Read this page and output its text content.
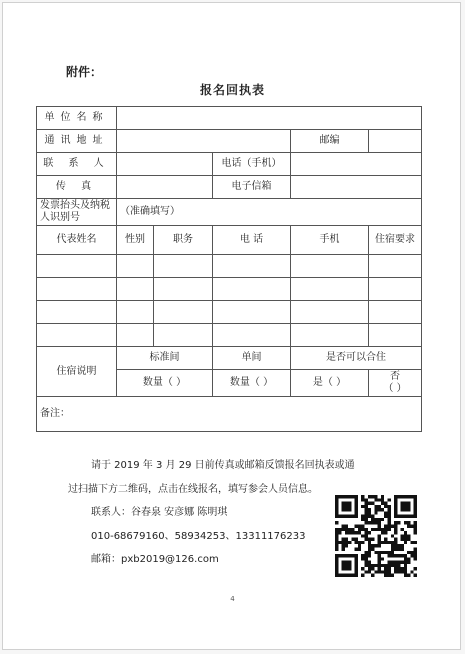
附件：
报名回执表
单位名称					
通讯地址				邮编	
联 系 人			电话（手机）		
传 真			电子信箱		
发票抬头及纳税人识别号	（准确填写）				
代表姓名	性别	职务	电 话	手机	住宿要求

住宿说明	标准间		单间	是否可以合住	
	数量（ ）		数量（ ）	是（ ）	否
（ ）

备注：					
请于 2019 年 3 月 29 日前传真或邮箱反馈报名回执表或通
过扫描下方二维码，点击在线报名，填写参会人员信息。
联系人：谷春泉 安彦娜 陈明琪
010-68679160、58934253、13311176233
邮箱：pxb2019@126.com
4
